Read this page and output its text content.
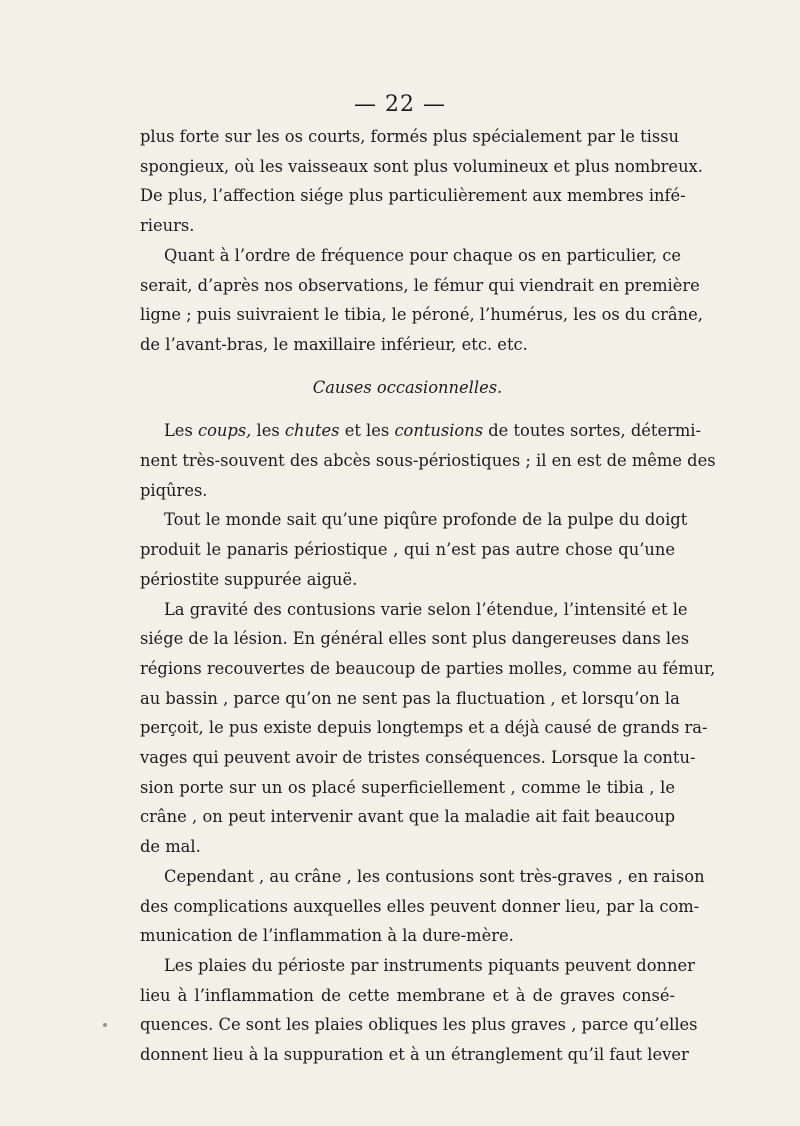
— 22 —

plus forte sur les os courts, formés plus spécialement par le tissu
spongieux, où les vaisseaux sont plus volumineux et plus nombreux.
De plus, l’affection siége plus particulièrement aux membres infé-
rieurs.

Quant à l’ordre de fréquence pour chaque os en particulier, ce
serait, d’après nos observations, le fémur qui viendrait en première
ligne ; puis suivraient le tibia, le péroné, l’humérus, les os du crâne,
de l’avant-bras, le maxillaire inférieur, etc. etc.

Causes occasionnelles.

Les coups, les chutes et les contusions de toutes sortes, détermi-
nent très-souvent des abcès sous-périostiques ; il en est de même des
piqûres.

Tout le monde sait qu’une piqûre profonde de la pulpe du doigt
produit le panaris périostique , qui n’est pas autre chose qu’une
périostite suppurée aiguë.

La gravité des contusions varie selon l’étendue, l’intensité et le
siége de la lésion. En général elles sont plus dangereuses dans les
régions recouvertes de beaucoup de parties molles, comme au fémur,
au bassin , parce qu’on ne sent pas la fluctuation , et lorsqu’on la
perçoit, le pus existe depuis longtemps et a déjà causé de grands ra-
vages qui peuvent avoir de tristes conséquences. Lorsque la contu-
sion porte sur un os placé superficiellement , comme le tibia , le
crâne , on peut intervenir avant que la maladie ait fait beaucoup
de mal.

Cependant , au crâne , les contusions sont très-graves , en raison
des complications auxquelles elles peuvent donner lieu, par la com-
munication de l’inflammation à la dure-mère.

Les plaies du périoste par instruments piquants peuvent donner
lieu à l’inflammation de cette membrane et à de graves consé-
quences. Ce sont les plaies obliques les plus graves , parce qu’elles
donnent lieu à la suppuration et à un étranglement qu’il faut lever
